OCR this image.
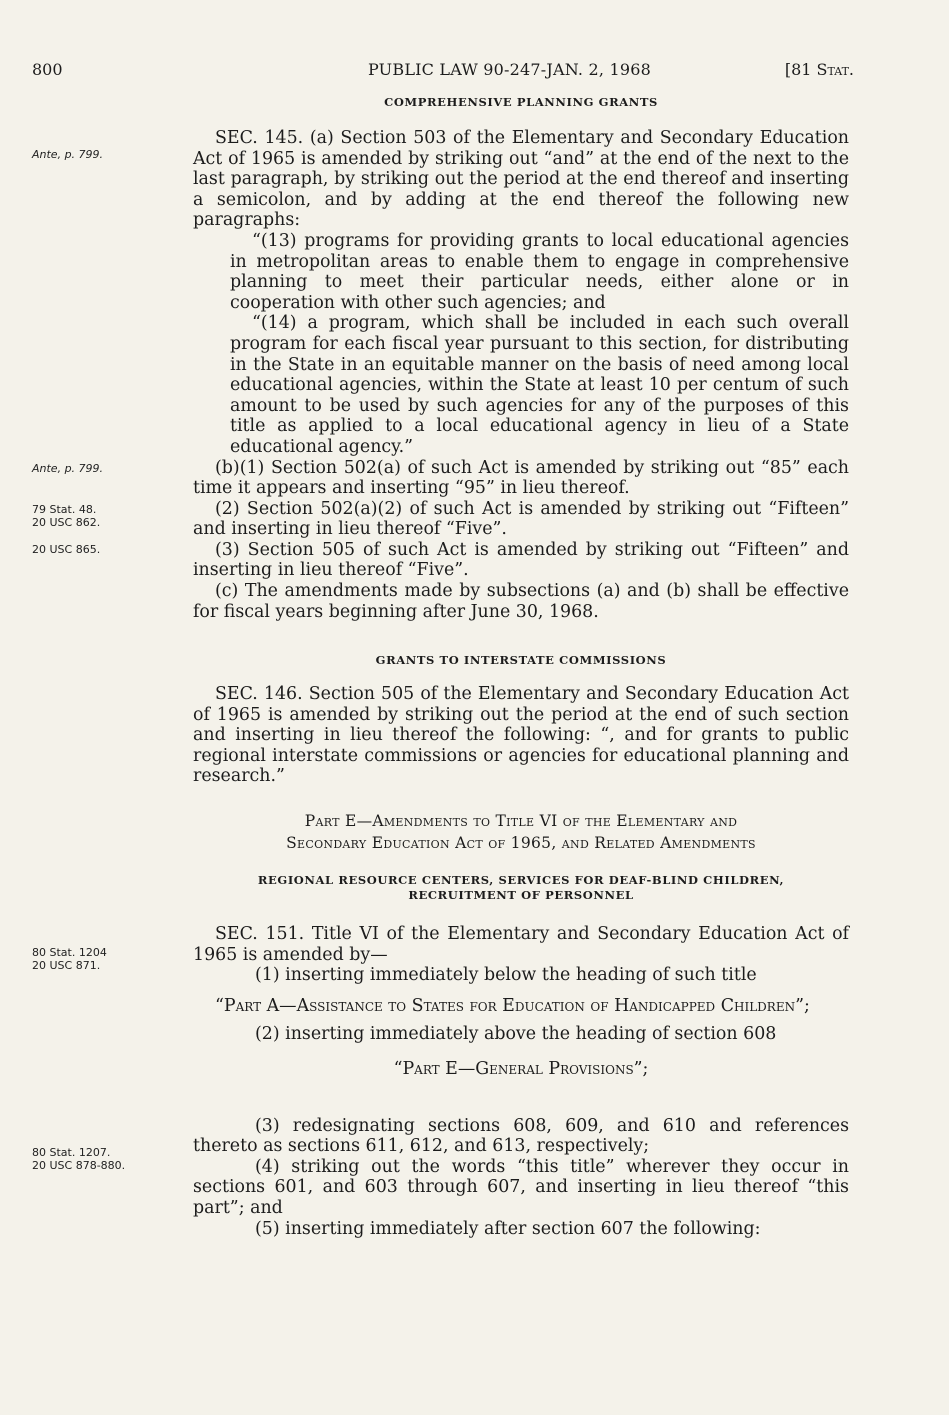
800	PUBLIC LAW 90-247-JAN. 2, 1968	[81 Stat.
Ante, p. 799.
Ante, p. 799.
79 Stat. 48.
20 USC 862.
20 USC 865.
80 Stat. 1204
20 USC 871.
80 Stat. 1207.
20 USC 878-880.
COMPREHENSIVE PLANNING GRANTS

SEC. 145. (a) Section 503 of the Elementary and Secondary Education Act of 1965 is amended by striking out “and” at the end of the next to the last paragraph, by striking out the period at the end thereof and inserting a semicolon, and by adding at the end thereof the following new paragraphs:

“(13) programs for providing grants to local educational agencies in metropolitan areas to enable them to engage in comprehensive planning to meet their particular needs, either alone or in cooperation with other such agencies; and

“(14) a program, which shall be included in each such overall program for each fiscal year pursuant to this section, for distributing in the State in an equitable manner on the basis of need among local educational agencies, within the State at least 10 per centum of such amount to be used by such agencies for any of the purposes of this title as applied to a local educational agency in lieu of a State educational agency.”

(b)(1) Section 502(a) of such Act is amended by striking out “85” each time it appears and inserting “95” in lieu thereof.

(2) Section 502(a)(2) of such Act is amended by striking out “Fifteen” and inserting in lieu thereof “Five”.

(3) Section 505 of such Act is amended by striking out “Fifteen” and inserting in lieu thereof “Five”.

(c) The amendments made by subsections (a) and (b) shall be effective for fiscal years beginning after June 30, 1968.

GRANTS TO INTERSTATE COMMISSIONS

SEC. 146. Section 505 of the Elementary and Secondary Education Act of 1965 is amended by striking out the period at the end of such section and inserting in lieu thereof the following: “, and for grants to public regional interstate commissions or agencies for educational planning and research.”

Part E—Amendments to Title VI of the Elementary and
Secondary Education Act of 1965, and Related Amendments
REGIONAL RESOURCE CENTERS, SERVICES FOR DEAF-BLIND CHILDREN,
RECRUITMENT OF PERSONNEL

SEC. 151. Title VI of the Elementary and Secondary Education Act of 1965 is amended by—

(1) inserting immediately below the heading of such title

“Part A—Assistance to States for Education of Handicapped Children”;

(2) inserting immediately above the heading of section 608

“Part E—General Provisions”;

(3) redesignating sections 608, 609, and 610 and references thereto as sections 611, 612, and 613, respectively;

(4) striking out the words “this title” wherever they occur in sections 601, and 603 through 607, and inserting in lieu thereof “this part”; and

(5) inserting immediately after section 607 the following:
